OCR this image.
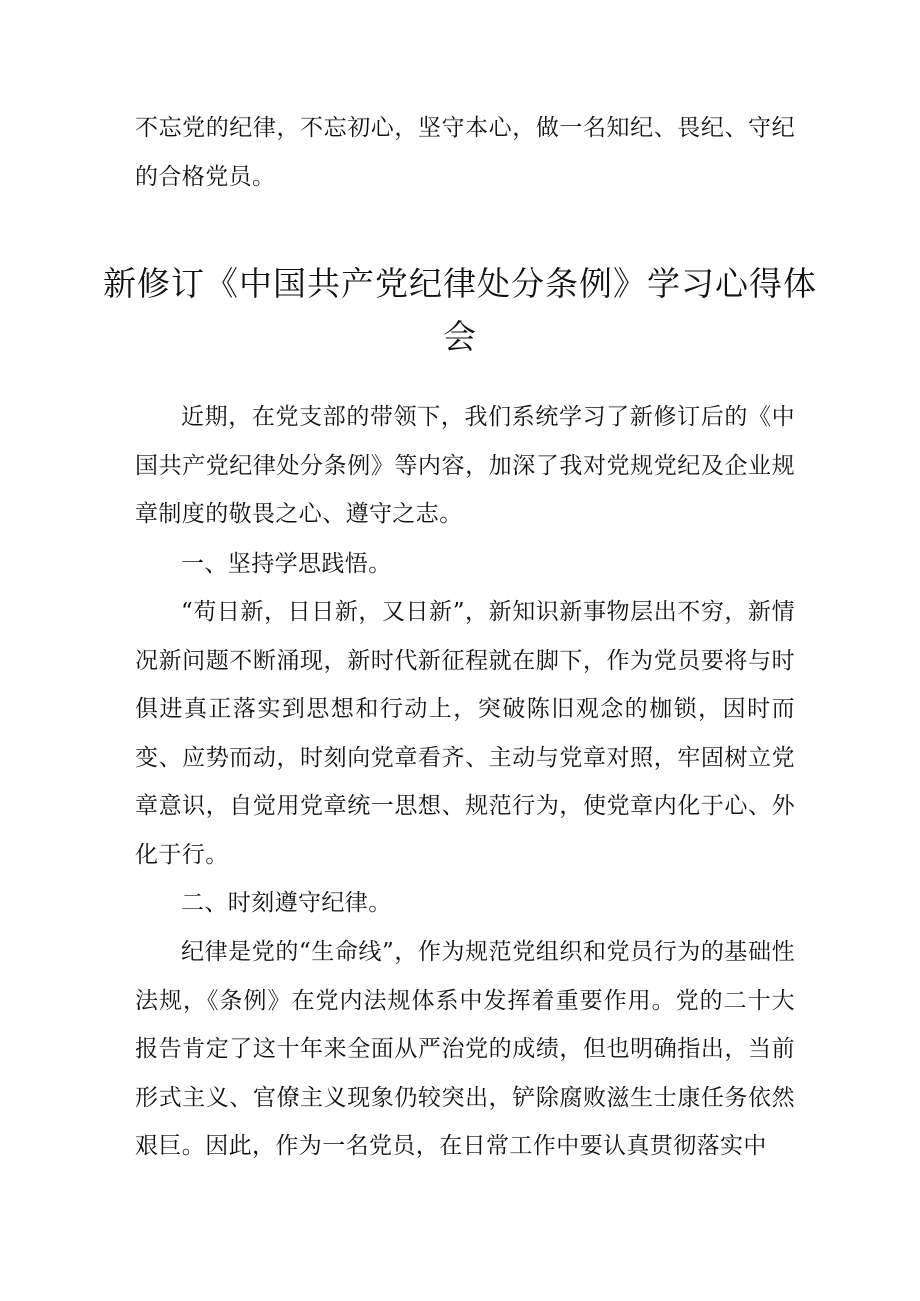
不忘党的纪律，不忘初心，坚守本心，做一名知纪、畏纪、守纪的合格党员。
新修订《中国共产党纪律处分条例》学习心得体会
近期，在党支部的带领下，我们系统学习了新修订后的《中国共产党纪律处分条例》等内容，加深了我对党规党纪及企业规章制度的敬畏之心、遵守之志。
一、坚持学思践悟。
“苟日新，日日新，又日新”，新知识新事物层出不穷，新情况新问题不断涌现，新时代新征程就在脚下，作为党员要将与时俱进真正落实到思想和行动上，突破陈旧观念的枷锁，因时而变、应势而动，时刻向党章看齐、主动与党章对照，牢固树立党章意识，自觉用党章统一思想、规范行为，使党章内化于心、外化于行。
二、时刻遵守纪律。
纪律是党的“生命线”，作为规范党组织和党员行为的基础性法规，《条例》在党内法规体系中发挥着重要作用。党的二十大报告肯定了这十年来全面从严治党的成绩，但也明确指出，当前形式主义、官僚主义现象仍较突出，铲除腐败滋生士康任务依然艰巨。因此，作为一名党员，在日常工作中要认真贯彻落实中
